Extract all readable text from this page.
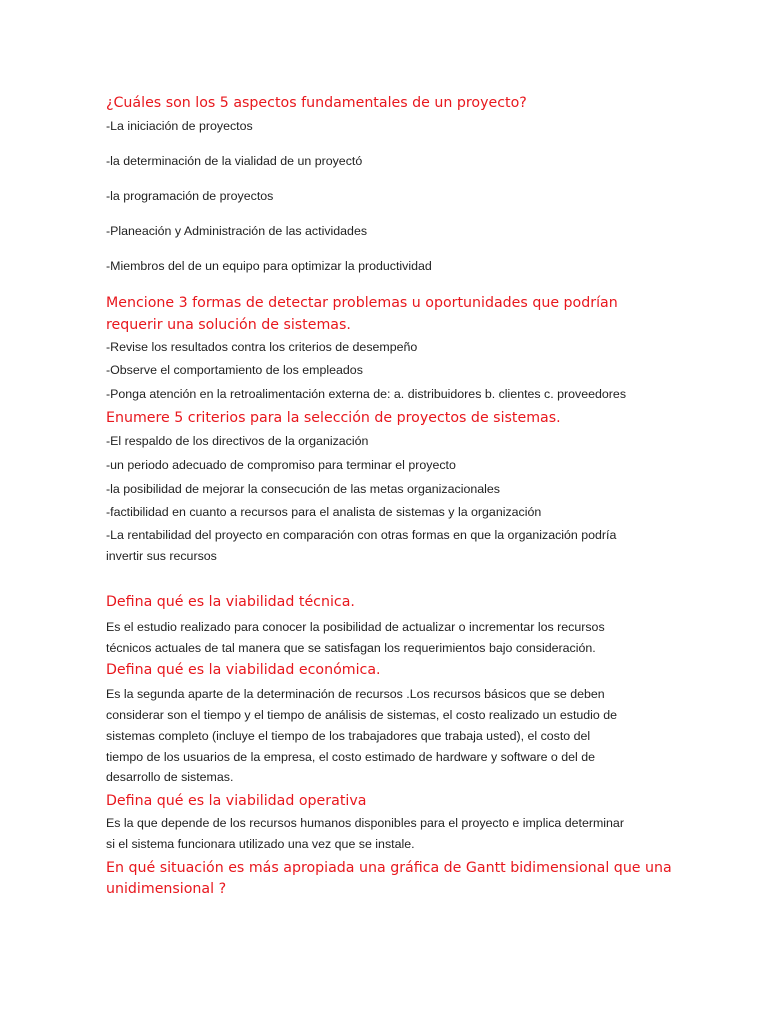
¿Cuáles son los 5 aspectos fundamentales de un proyecto?

-La iniciación de proyectos

-la determinación de la vialidad de un proyectó

-la programación de proyectos

-Planeación y Administración de las actividades

-Miembros del de un equipo para optimizar la productividad

Mencione 3 formas de detectar problemas u oportunidades que podrían
requerir una solución de sistemas.

-Revise los resultados contra los criterios de desempeño

-Observe el comportamiento de los empleados

-Ponga atención en la retroalimentación externa de: a. distribuidores b. clientes c. proveedores

Enumere 5 criterios para la selección de proyectos de sistemas.

-El respaldo de los directivos de la organización

-un periodo adecuado de compromiso para terminar el proyecto

-la posibilidad de mejorar la consecución de las metas organizacionales

-factibilidad en cuanto a recursos para el analista de sistemas y la organización

-La rentabilidad del proyecto en comparación con otras formas en que la organización podría

invertir sus recursos

Defina qué es la viabilidad técnica.

Es el estudio realizado para conocer la posibilidad de actualizar o incrementar los recursos

técnicos actuales de tal manera que se satisfagan los requerimientos bajo consideración.

Defina qué es la viabilidad económica.

Es la segunda aparte de la determinación de recursos .Los recursos básicos que se deben

considerar son el tiempo y el tiempo de análisis de sistemas, el costo realizado un estudio de

sistemas completo (incluye el tiempo de los trabajadores que trabaja usted), el costo del

tiempo de los usuarios de la empresa, el costo estimado de hardware y software o del de

desarrollo de sistemas.

Defina qué es la viabilidad operativa

Es la que depende de los recursos humanos disponibles para el proyecto e implica determinar

si el sistema funcionara utilizado una vez que se instale.

En qué situación es más apropiada una gráfica de Gantt bidimensional que una
unidimensional ?
